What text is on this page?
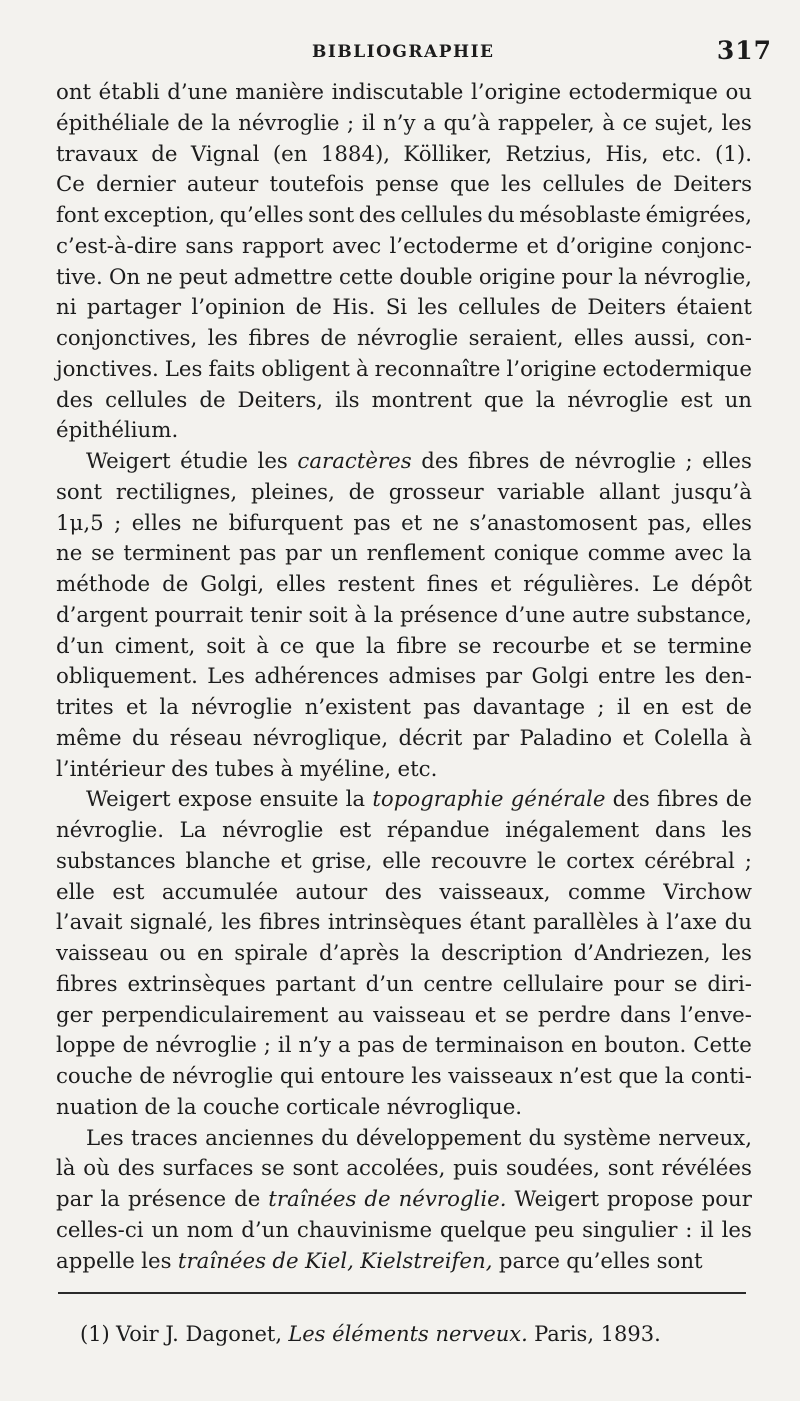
BIBLIOGRAPHIE	317
ont établi d’une manière indiscutable l’origine ectodermique ou
épithéliale de la névroglie ; il n’y a qu’à rappeler, à ce sujet, les
travaux de Vignal (en 1884), Kölliker, Retzius, His, etc. (1).
Ce dernier auteur toutefois pense que les cellules de Deiters
font exception, qu’elles sont des cellules du mésoblaste émigrées,
c’est-à-dire sans rapport avec l’ectoderme et d’origine conjonc-
tive. On ne peut admettre cette double origine pour la névroglie,
ni partager l’opinion de His. Si les cellules de Deiters étaient
conjonctives, les fibres de névroglie seraient, elles aussi, con-
jonctives. Les faits obligent à reconnaître l’origine ectodermique
des cellules de Deiters, ils montrent que la névroglie est un
épithélium.
Weigert étudie les caractères des fibres de névroglie ; elles
sont rectilignes, pleines, de grosseur variable allant jusqu’à
1μ,5 ; elles ne bifurquent pas et ne s’anastomosent pas, elles
ne se terminent pas par un renflement conique comme avec la
méthode de Golgi, elles restent fines et régulières. Le dépôt
d’argent pourrait tenir soit à la présence d’une autre substance,
d’un ciment, soit à ce que la fibre se recourbe et se termine
obliquement. Les adhérences admises par Golgi entre les den-
trites et la névroglie n’existent pas davantage ; il en est de
même du réseau névroglique, décrit par Paladino et Colella à
l’intérieur des tubes à myéline, etc.
Weigert expose ensuite la topographie générale des fibres de
névroglie. La névroglie est répandue inégalement dans les
substances blanche et grise, elle recouvre le cortex cérébral ;
elle est accumulée autour des vaisseaux, comme Virchow
l’avait signalé, les fibres intrinsèques étant parallèles à l’axe du
vaisseau ou en spirale d’après la description d’Andriezen, les
fibres extrinsèques partant d’un centre cellulaire pour se diri-
ger perpendiculairement au vaisseau et se perdre dans l’enve-
loppe de névroglie ; il n’y a pas de terminaison en bouton. Cette
couche de névroglie qui entoure les vaisseaux n’est que la conti-
nuation de la couche corticale névroglique.
Les traces anciennes du développement du système nerveux,
là où des surfaces se sont accolées, puis soudées, sont révélées
par la présence de traînées de névroglie. Weigert propose pour
celles-ci un nom d’un chauvinisme quelque peu singulier : il les
appelle les traînées de Kiel, Kielstreifen, parce qu’elles sont
(1) Voir J. Dagonet, Les éléments nerveux. Paris, 1893.
